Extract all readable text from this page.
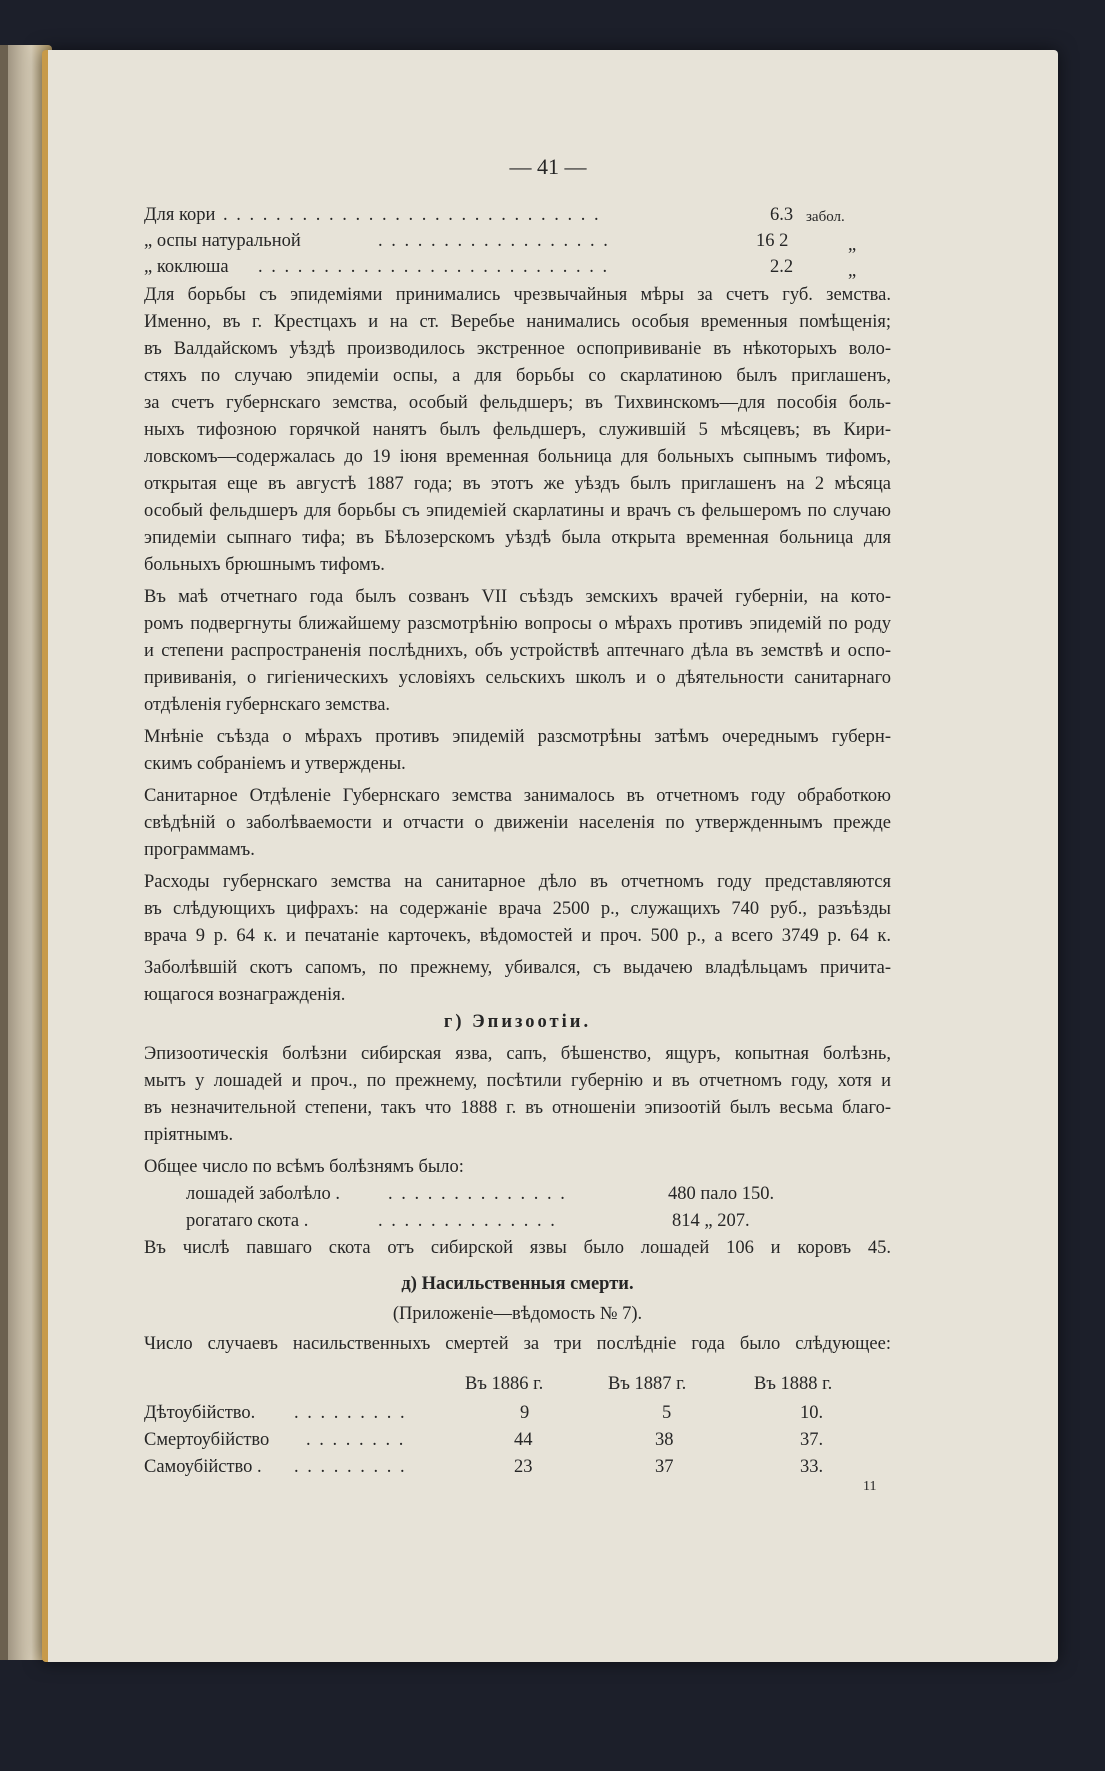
— 41 —
Для кори . . . . . . . . . . . . . . . . . . . . . . . . . . . . .	6.3 забол.
„ оспы натуральной	. . . . . . . . . . . . . . . . . .	16 2	„
„ коклюша . . . . . . . . . . . . . . . . . . . . . . . . . . .	2.2	„
Для борьбы съ эпидеміями принимались чрезвычайныя мѣры за счетъ губ. земства.
Именно, въ г. Крестцахъ и на ст. Веребье нанимались особыя временныя помѣщенія;
въ Валдайскомъ уѣздѣ производилось экстренное оспопрививаніе въ нѣкоторыхъ воло-
стяхъ по случаю эпидеміи оспы, а для борьбы со скарлатиною былъ приглашенъ,
за счетъ губернскаго земства, особый фельдшеръ; въ Тихвинскомъ—для пособія боль-
ныхъ тифозною горячкой нанятъ былъ фельдшеръ, служившій 5 мѣсяцевъ; въ Кири-
ловскомъ—содержалась до 19 іюня временная больница для больныхъ сыпнымъ тифомъ,
открытая еще въ августѣ 1887 года; въ этотъ же уѣздъ былъ приглашенъ на 2 мѣсяца
особый фельдшеръ для борьбы съ эпидеміей скарлатины и врачъ съ фельшеромъ по случаю
эпидеміи сыпнаго тифа; въ Бѣлозерскомъ уѣздѣ была открыта временная больница для
больныхъ брюшнымъ тифомъ.
Въ маѣ отчетнаго года былъ созванъ VII съѣздъ земскихъ врачей губерніи, на кото-
ромъ подвергнуты ближайшему разсмотрѣнію вопросы о мѣрахъ противъ эпидемій по роду
и степени распространенія послѣднихъ, объ устройствѣ аптечнаго дѣла въ земствѣ и оспо-
прививанія, о гигіеническихъ условіяхъ сельскихъ школъ и о дѣятельности санитарнаго
отдѣленія губернскаго земства.
Мнѣніе съѣзда о мѣрахъ противъ эпидемій разсмотрѣны затѣмъ очереднымъ губерн-
скимъ собраніемъ и утверждены.
Санитарное Отдѣленіе Губернскаго земства занималось въ отчетномъ году обработкою
свѣдѣній о заболѣваемости и отчасти о движеніи населенія по утвержденнымъ прежде
программамъ.
Расходы губернскаго земства на санитарное дѣло въ отчетномъ году представляются
въ слѣдующихъ цифрахъ: на содержаніе врача 2500 р., служащихъ 740 руб., разъѣзды
врача 9 р. 64 к. и печатаніе карточекъ, вѣдомостей и проч. 500 р., а всего 3749 р. 64 к.
Заболѣвшій скотъ сапомъ, по прежнему, убивался, съ выдачею владѣльцамъ причита-
ющагося вознагражденія.
г) Эпизоотіи.
Эпизоотическія болѣзни сибирская язва, сапъ, бѣшенство, ящуръ, копытная болѣзнь,
мытъ у лошадей и проч., по прежнему, посѣтили губернію и въ отчетномъ году, хотя и
въ незначительной степени, такъ что 1888 г. въ отношеніи эпизоотій былъ весьма благо-
пріятнымъ.
Общее число по всѣмъ болѣзнямъ было:
лошадей заболѣло .	. . . . . . . . . . . . . .	480 пало 150.
рогатаго скота .	. . . . . . . . . . . . . .	814 „ 207.
Въ числѣ павшаго скота отъ сибирской язвы было лошадей 106 и коровъ 45.
д) Насильственныя смерти.
(Приложеніе—вѣдомость № 7).
Число случаевъ насильственныхъ смертей за три послѣдніе года было слѣдующее:
Въ 1886 г.	Въ 1887 г.	Въ 1888 г.
Дѣтоубійство. . . . . . . . . .	9	5	10.
Смертоубійство . . . . . . . .	44	38	37.
Самоубійство . . . . . . . . . .	23	37	33.
11
